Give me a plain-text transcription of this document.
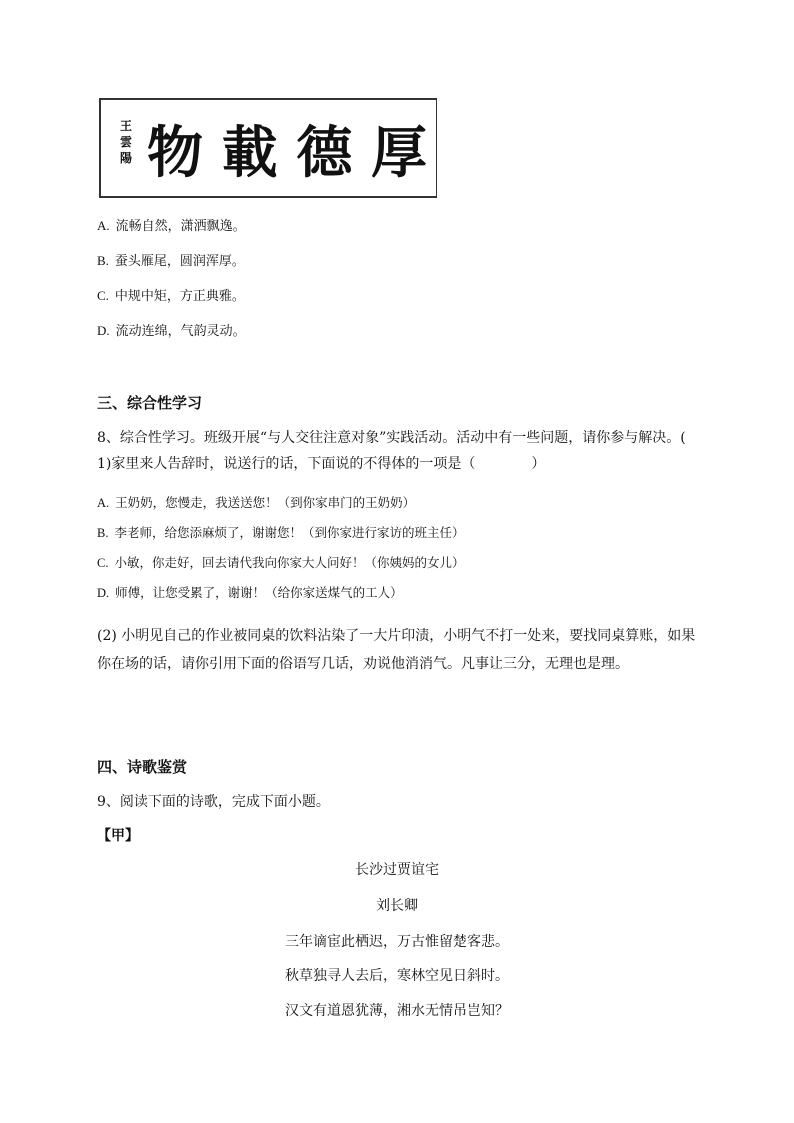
王雲陽 物 載 德 厚
A. 流畅自然，潇洒飘逸。
B. 蚕头雁尾，圆润浑厚。
C. 中规中矩，方正典雅。
D. 流动连绵，气韵灵动。
三、综合性学习
8、综合性学习。班级开展“与人交往注意对象”实践活动。活动中有一些问题，请你参与解决。(
1)家里来人告辞时，说送行的话，下面说的不得体的一项是（　　　　）
A. 王奶奶，您慢走，我送送您！（到你家串门的王奶奶）
B. 李老师，给您添麻烦了，谢谢您！（到你家进行家访的班主任）
C. 小敏，你走好，回去请代我向你家大人问好！（你姨妈的女儿）
D. 师傅，让您受累了，谢谢！（给你家送煤气的工人）
(2) 小明见自己的作业被同桌的饮料沾染了一大片印渍，小明气不打一处来，要找同桌算账，如果
你在场的话，请你引用下面的俗语写几话，劝说他消消气。凡事让三分，无理也是理。
四、诗歌鉴赏
9、阅读下面的诗歌，完成下面小题。
【甲】
长沙过贾谊宅
刘长卿
三年谪宦此栖迟，万古惟留楚客悲。
秋草独寻人去后，寒林空见日斜时。
汉文有道恩犹薄，湘水无情吊岂知？
